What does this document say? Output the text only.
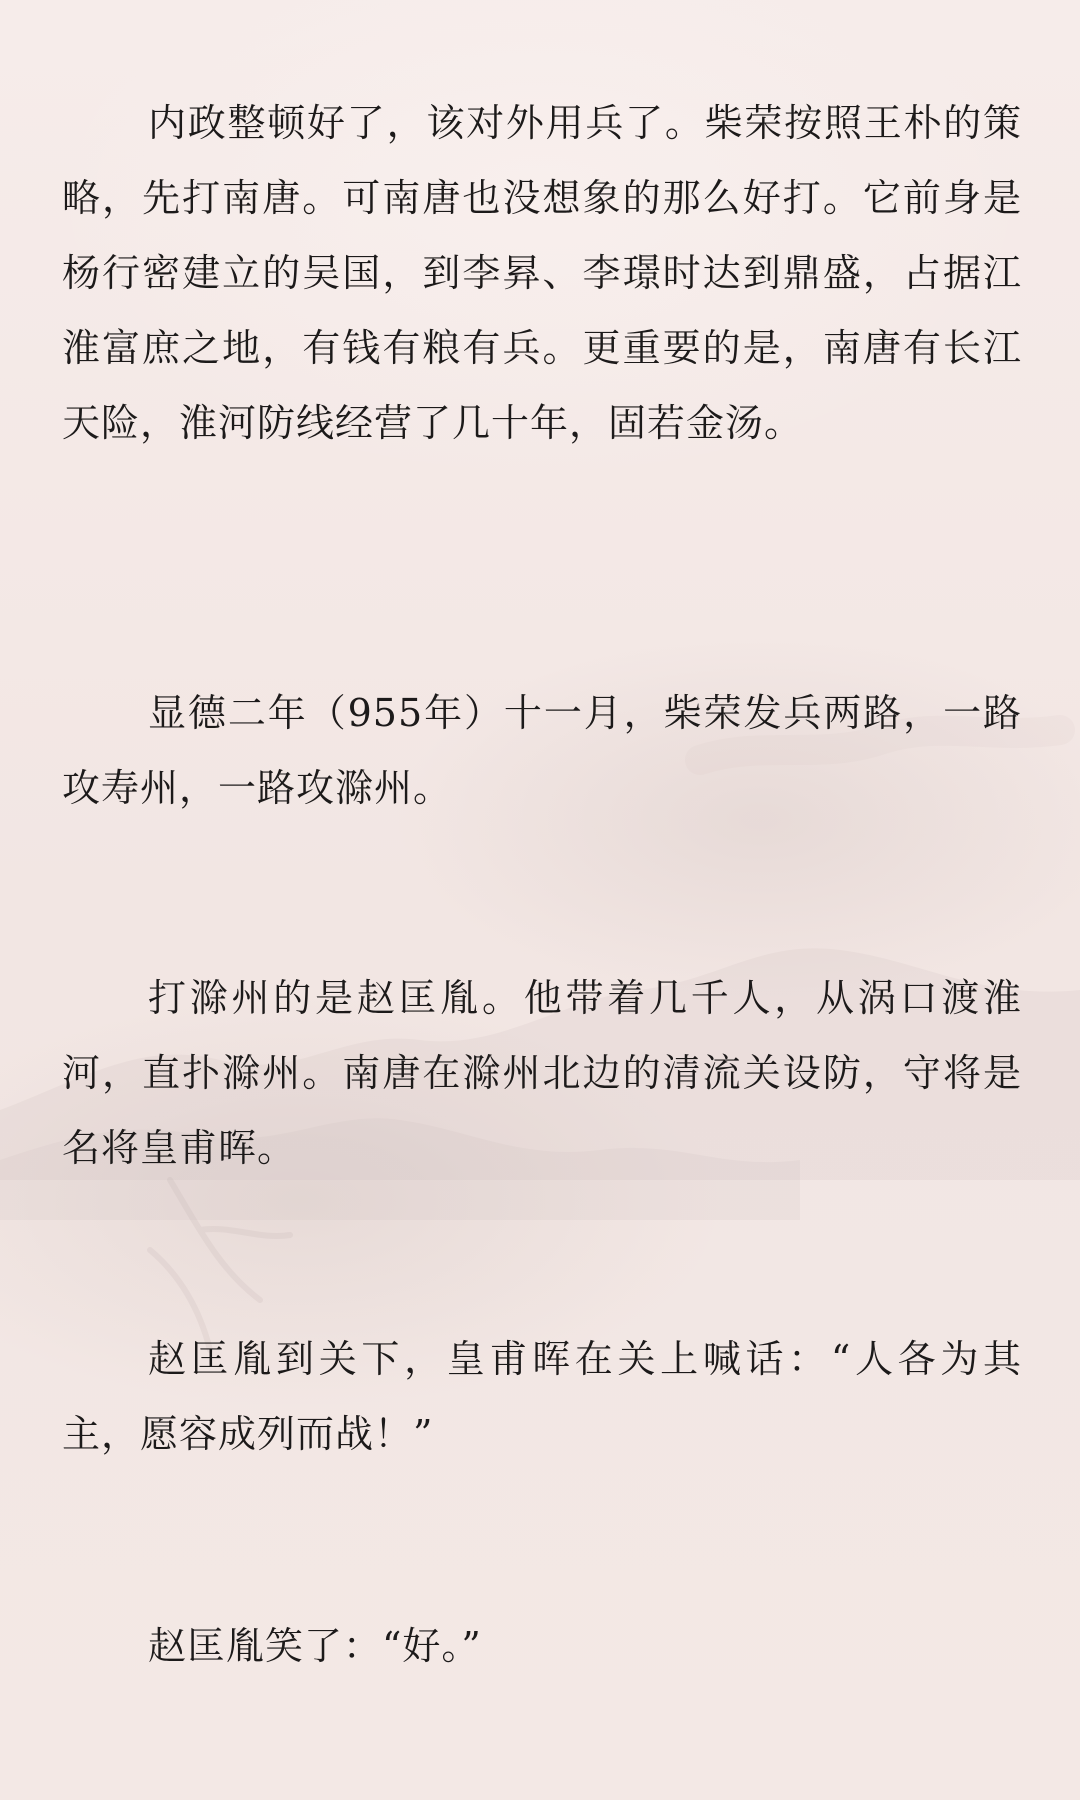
内政整顿好了，该对外用兵了。柴荣按照王朴的策略，先打南唐。可南唐也没想象的那么好打。它前身是杨行密建立的吴国，到李昪、李璟时达到鼎盛，占据江淮富庶之地，有钱有粮有兵。更重要的是，南唐有长江天险，淮河防线经营了几十年，固若金汤。

显德二年（955年）十一月，柴荣发兵两路，一路攻寿州，一路攻滁州。

打滁州的是赵匡胤。他带着几千人，从涡口渡淮河，直扑滁州。南唐在滁州北边的清流关设防，守将是名将皇甫晖。

赵匡胤到关下，皇甫晖在关上喊话：“人各为其主，愿容成列而战！”

赵匡胤笑了：“好。”
